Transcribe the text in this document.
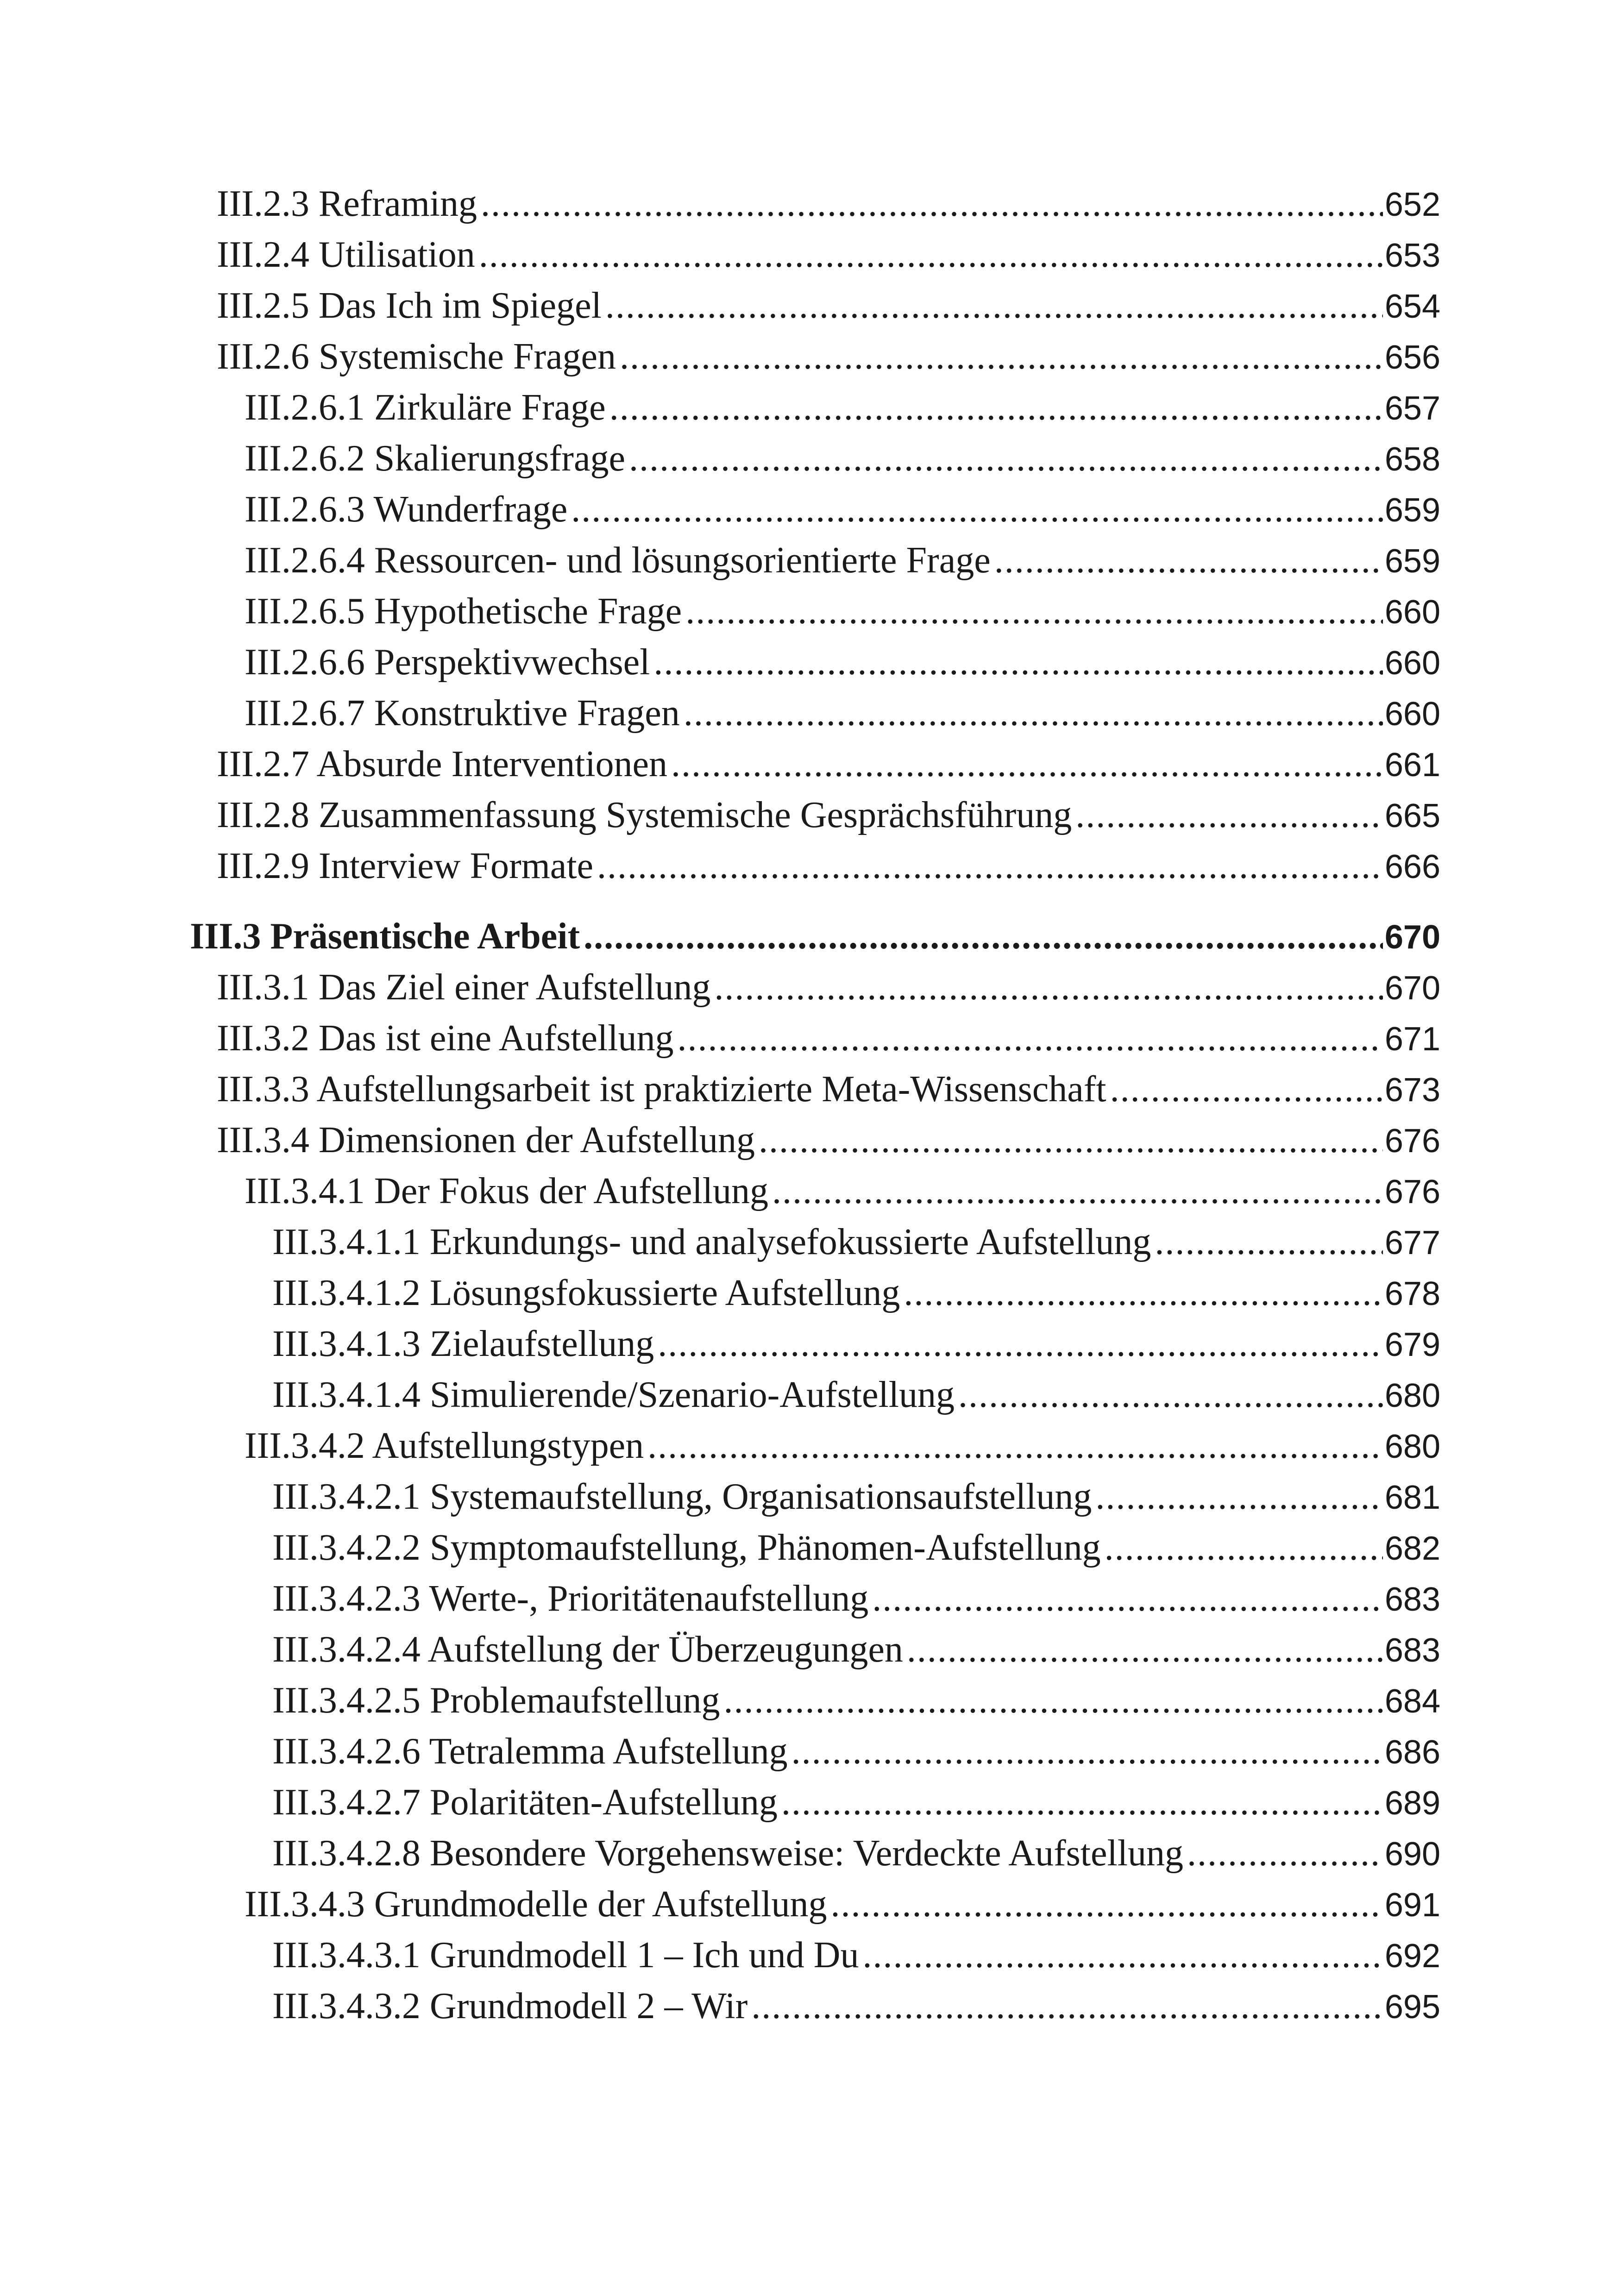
III.2.3 Reframing .....	652
III.2.4 Utilisation .....	653
III.2.5 Das Ich im Spiegel .....	654
III.2.6 Systemische Fragen .....	656
III.2.6.1 Zirkuläre Frage .....	657
III.2.6.2 Skalierungsfrage .....	658
III.2.6.3 Wunderfrage .....	659
III.2.6.4 Ressourcen- und lösungsorientierte Frage .....	659
III.2.6.5 Hypothetische Frage .....	660
III.2.6.6 Perspektivwechsel .....	660
III.2.6.7 Konstruktive Fragen .....	660
III.2.7 Absurde Interventionen .....	661
III.2.8 Zusammenfassung Systemische Gesprächsführung .....	665
III.2.9 Interview Formate .....	666
III.3 Präsentische Arbeit .....	670
III.3.1 Das Ziel einer Aufstellung .....	670
III.3.2 Das ist eine Aufstellung .....	671
III.3.3 Aufstellungsarbeit ist praktizierte Meta-Wissenschaft .....	673
III.3.4 Dimensionen der Aufstellung .....	676
III.3.4.1 Der Fokus der Aufstellung .....	676
III.3.4.1.1 Erkundungs- und analysefokussierte Aufstellung .....	677
III.3.4.1.2 Lösungsfokussierte Aufstellung .....	678
III.3.4.1.3 Zielaufstellung .....	679
III.3.4.1.4 Simulierende/Szenario-Aufstellung .....	680
III.3.4.2 Aufstellungstypen .....	680
III.3.4.2.1 Systemaufstellung, Organisationsaufstellung .....	681
III.3.4.2.2 Symptomaufstellung, Phänomen-Aufstellung .....	682
III.3.4.2.3 Werte-, Prioritätenaufstellung .....	683
III.3.4.2.4 Aufstellung der Überzeugungen .....	683
III.3.4.2.5 Problemaufstellung .....	684
III.3.4.2.6 Tetralemma Aufstellung .....	686
III.3.4.2.7 Polaritäten-Aufstellung .....	689
III.3.4.2.8 Besondere Vorgehensweise: Verdeckte Aufstellung .....	690
III.3.4.3 Grundmodelle der Aufstellung .....	691
III.3.4.3.1 Grundmodell 1 – Ich und Du .....	692
III.3.4.3.2 Grundmodell 2 – Wir .....	695
